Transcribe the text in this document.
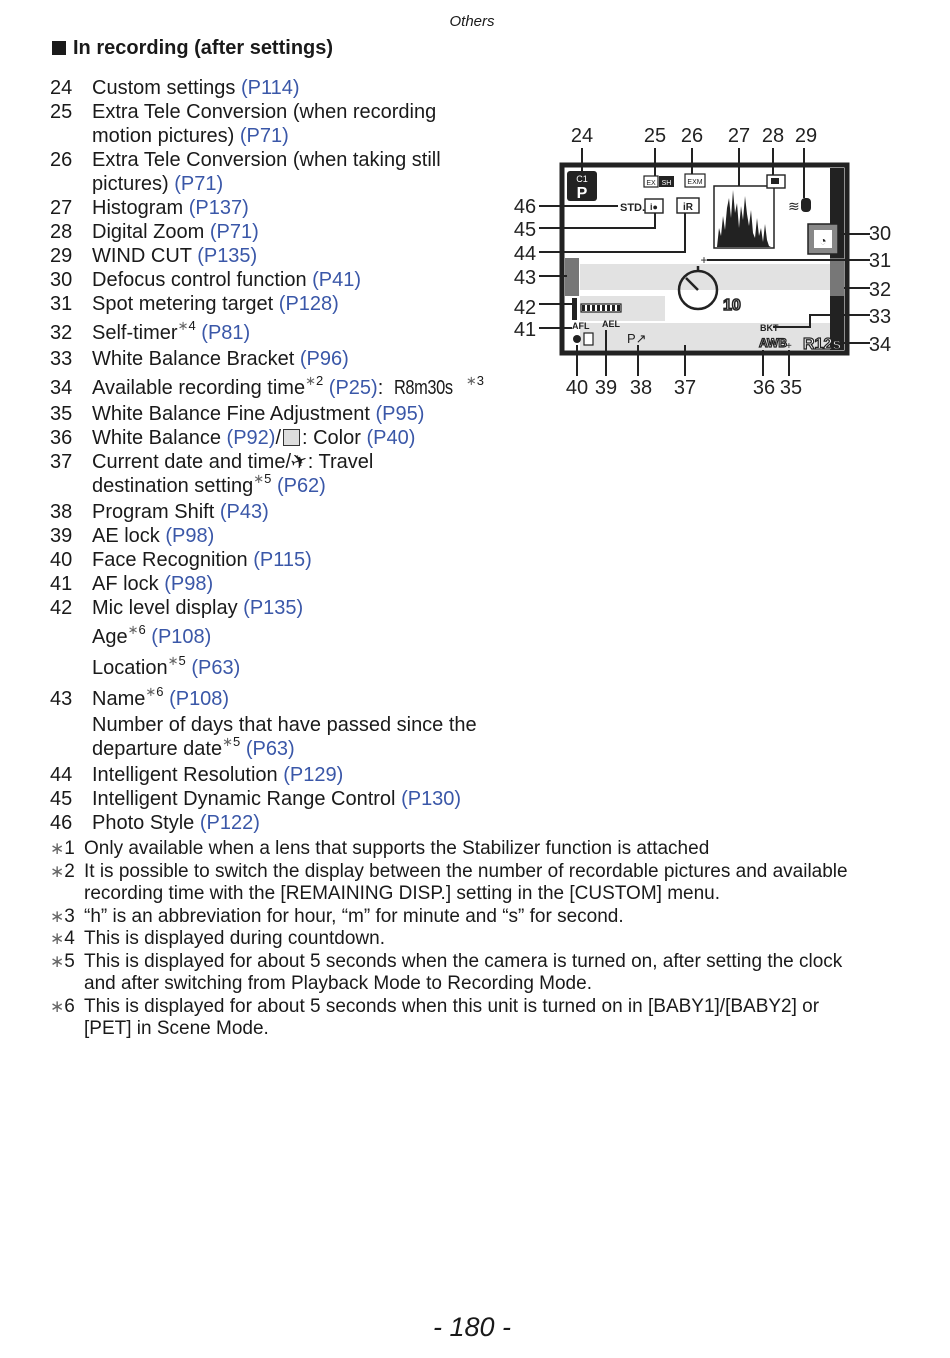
Others
In recording (after settings)
24 Custom settings (P114)
25 Extra Tele Conversion (when recording
motion pictures) (P71)
26 Extra Tele Conversion (when taking still
pictures) (P71)
27 Histogram (P137)
28 Digital Zoom (P71)
29 WIND CUT (P135)
30 Defocus control function (P41)
31 Spot metering target (P128)
32 Self-timer$^{∗4}$ (P81)
33 White Balance Bracket (P96)
34 Available recording time$^{∗2}$ (P25): R8m30s $^{∗3}$
35 White Balance Fine Adjustment (P95)
36 White Balance (P92)/ : Color (P40)
37 Current date and time/✈: Travel
destination setting$^{∗5}$ (P62)
38 Program Shift (P43)
39 AE lock (P98)
40 Face Recognition (P115)
41 AF lock (P98)
42 Mic level display (P135)
Age$^{∗6}$ (P108)
Location$^{∗5}$ (P63)
43 Name$^{∗6}$ (P108)
Number of days that have passed since the
departure date$^{∗5}$ (P63)
44 Intelligent Resolution (P129)
45 Intelligent Dynamic Range Control (P130)
46 Photo Style (P122)
C1
P
EX SH EXM
STD. i●	iR	≋
◔
+
10
AFL AEL
P↗
BKT
AWB + R12s
24	25 26 27 28 29
46
45
44
43
42
41
30
31
32
33
34
40 39 38 37	36 35
∗1 Only available when a lens that supports the Stabilizer function is attached
∗2 It is possible to switch the display between the number of recordable pictures and available
recording time with the [REMAINING DISP.] setting in the [CUSTOM] menu.
∗3 “h” is an abbreviation for hour, “m” for minute and “s” for second.
∗4 This is displayed during countdown.
∗5 This is displayed for about 5 seconds when the camera is turned on, after setting the clock
and after switching from Playback Mode to Recording Mode.
∗6 This is displayed for about 5 seconds when this unit is turned on in [BABY1]/[BABY2] or
[PET] in Scene Mode.
- 180 -
